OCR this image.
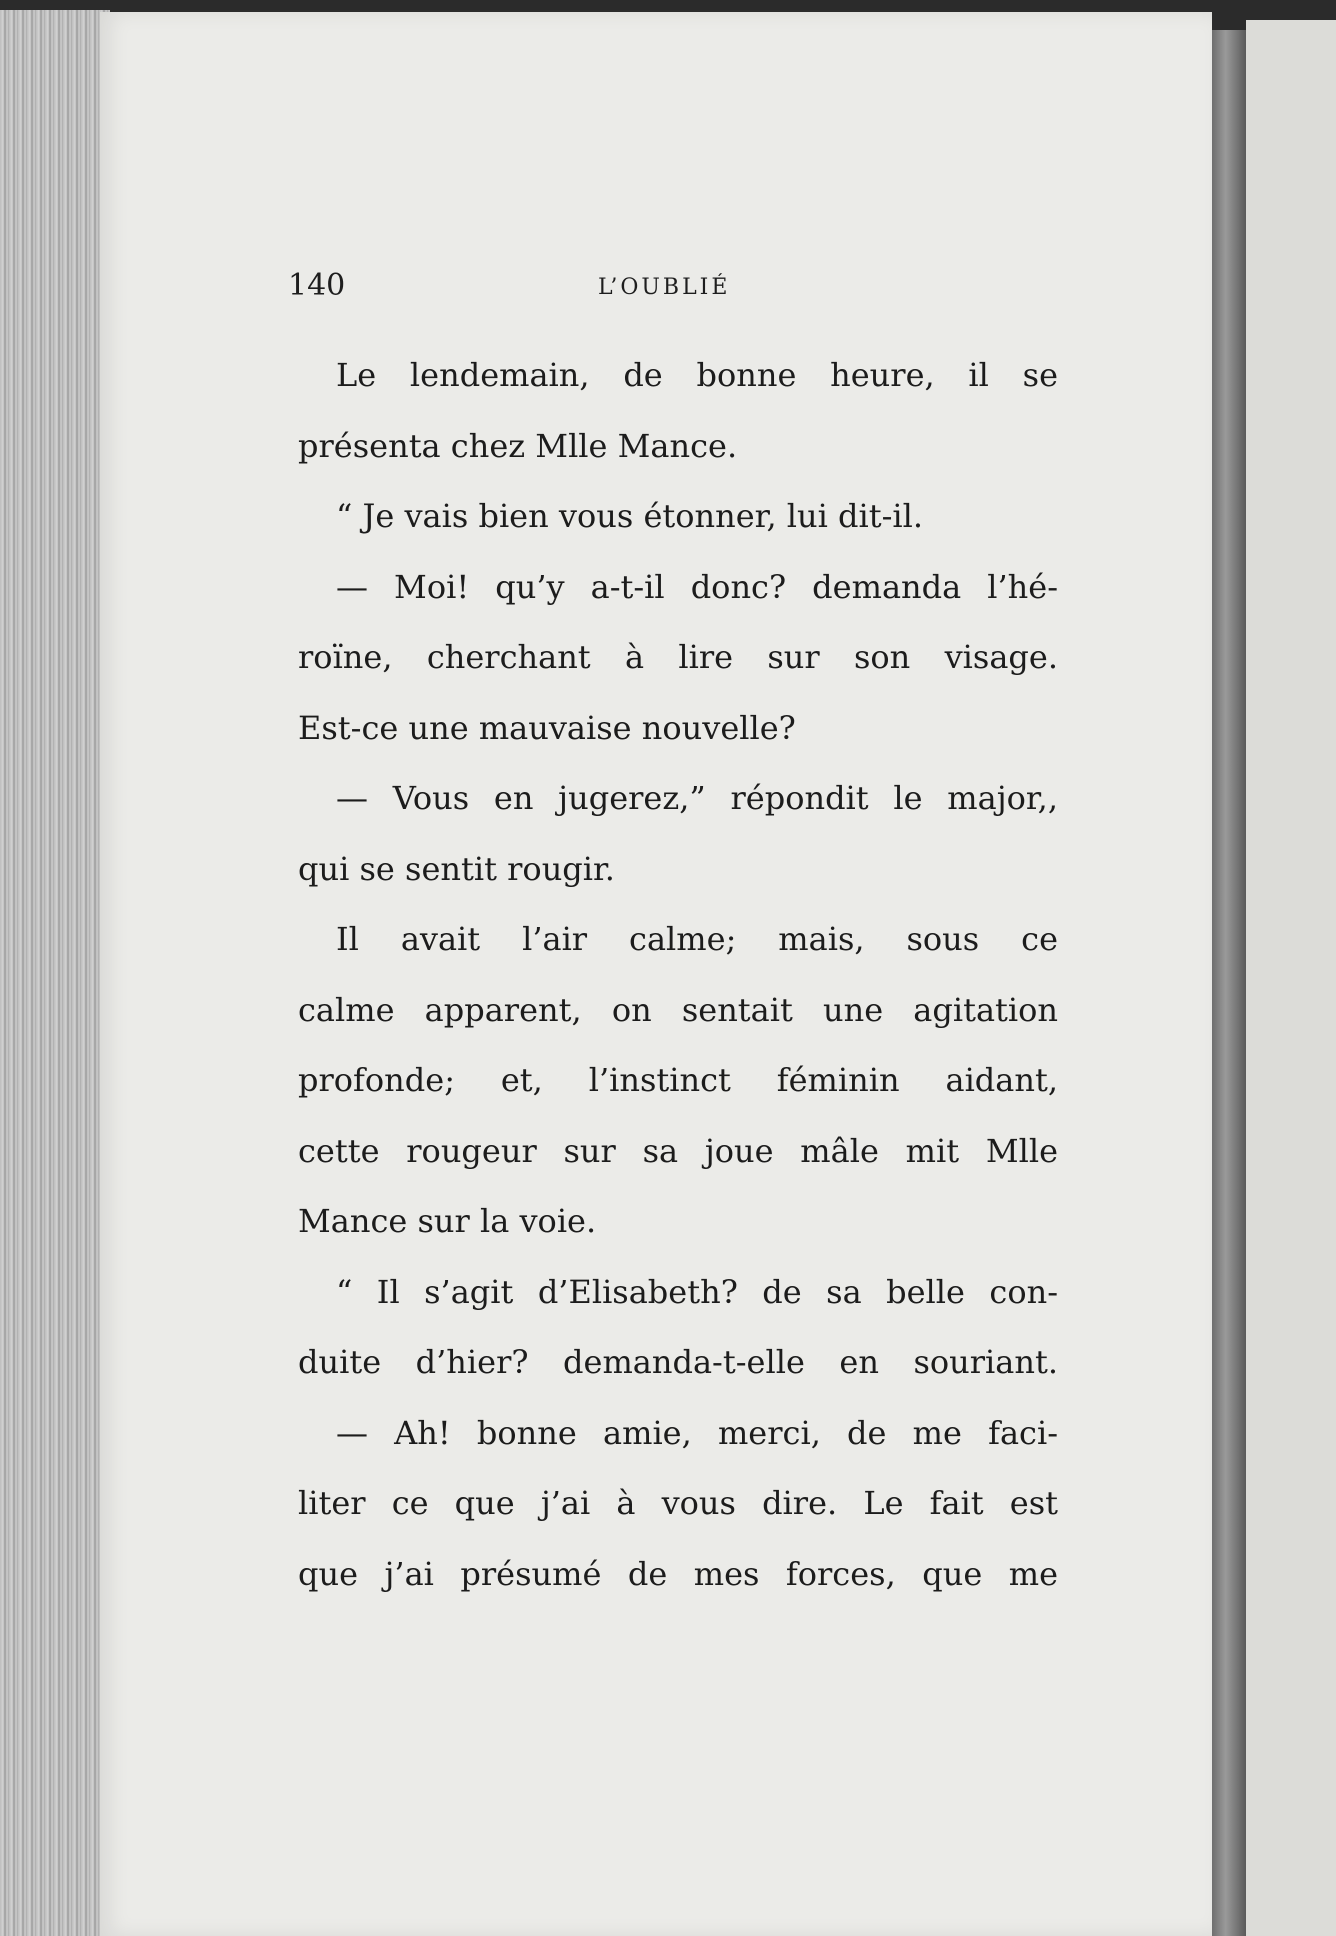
140	L’OUBLIÉ
Le lendemain, de bonne heure, il se
présenta chez Mlle Mance.
“ Je vais bien vous étonner, lui dit-il.
— Moi! qu’y a-t-il donc? demanda l’hé-
roïne, cherchant à lire sur son visage.
Est-ce une mauvaise nouvelle?
— Vous en jugerez,” répondit le major,,
qui se sentit rougir.
Il avait l’air calme; mais, sous ce
calme apparent, on sentait une agitation
profonde; et, l’instinct féminin aidant,
cette rougeur sur sa joue mâle mit Mlle
Mance sur la voie.
“ Il s’agit d’Elisabeth? de sa belle con-
duite d’hier? demanda-t-elle en souriant.
— Ah! bonne amie, merci, de me faci-
liter ce que j’ai à vous dire. Le fait est
que j’ai présumé de mes forces, que me
